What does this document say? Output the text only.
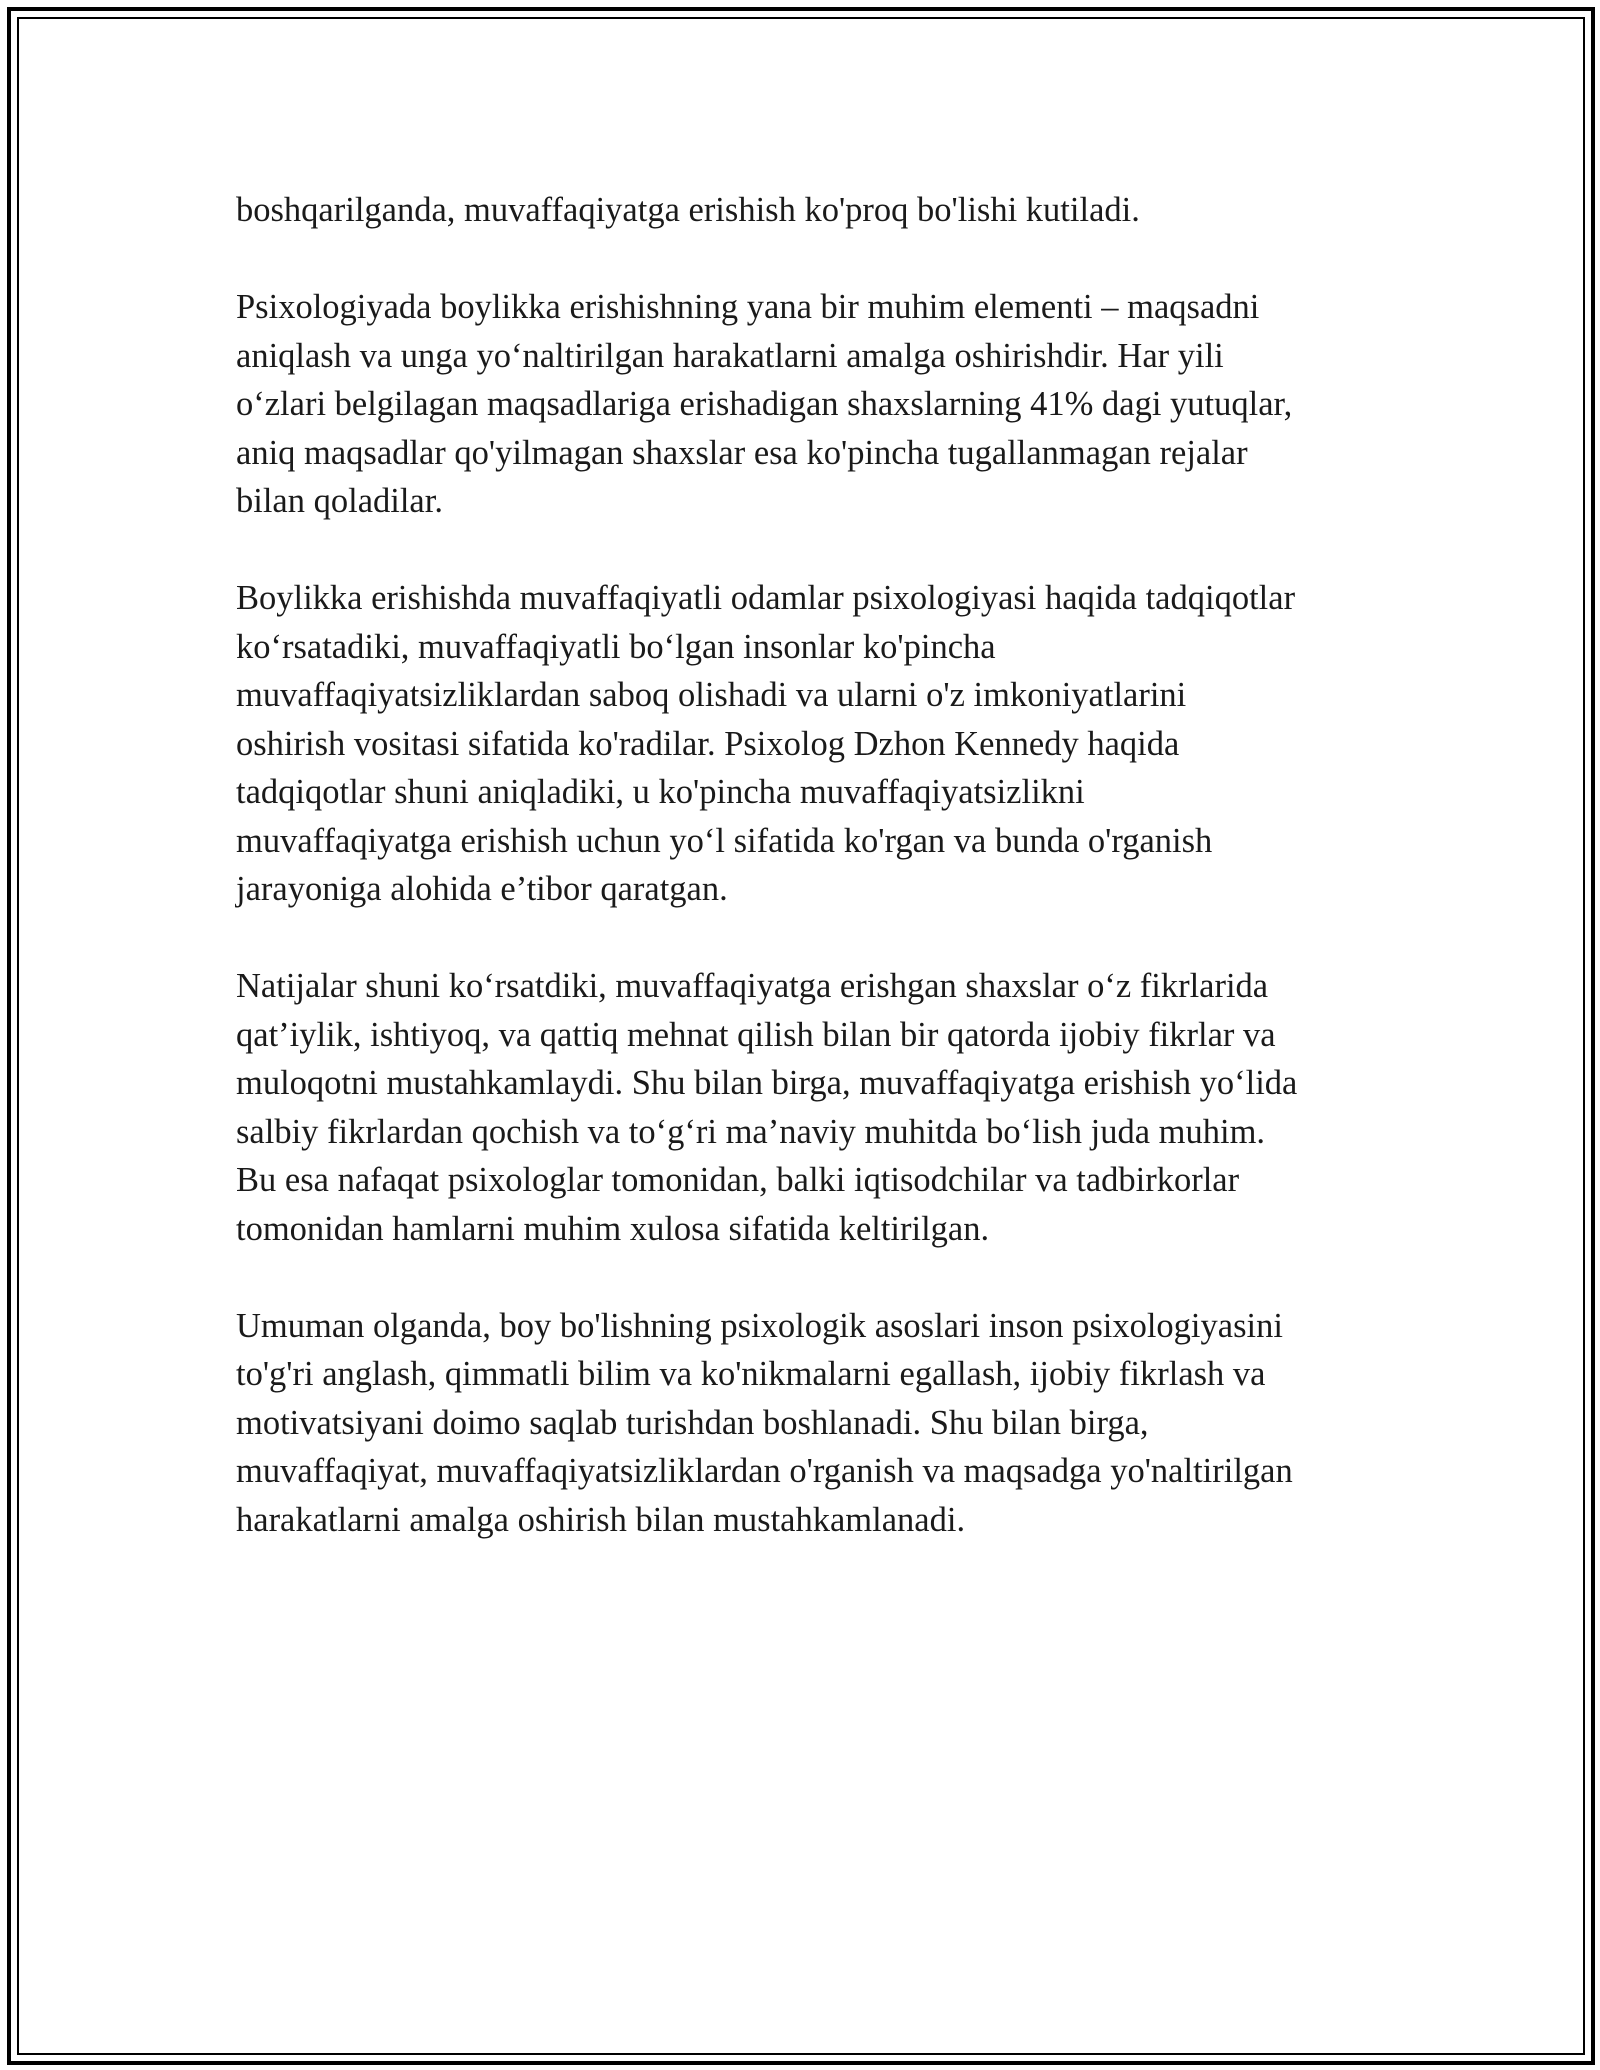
boshqarilganda, muvaffaqiyatga erishish ko'proq bo'lishi kutiladi.
Psixologiyada boylikka erishishning yana bir muhim elementi – maqsadni
aniqlash va unga yo‘naltirilgan harakatlarni amalga oshirishdir. Har yili
o‘zlari belgilagan maqsadlariga erishadigan shaxslarning 41% dagi yutuqlar,
aniq maqsadlar qo'yilmagan shaxslar esa ko'pincha tugallanmagan rejalar
bilan qoladilar.
Boylikka erishishda muvaffaqiyatli odamlar psixologiyasi haqida tadqiqotlar
ko‘rsatadiki, muvaffaqiyatli bo‘lgan insonlar ko'pincha
muvaffaqiyatsizliklardan saboq olishadi va ularni o'z imkoniyatlarini
oshirish vositasi sifatida ko'radilar. Psixolog Dzhon Kennedy haqida
tadqiqotlar shuni aniqladiki, u ko'pincha muvaffaqiyatsizlikni
muvaffaqiyatga erishish uchun yo‘l sifatida ko'rgan va bunda o'rganish
jarayoniga alohida e’tibor qaratgan.
Natijalar shuni ko‘rsatdiki, muvaffaqiyatga erishgan shaxslar o‘z fikrlarida
qat’iylik, ishtiyoq, va qattiq mehnat qilish bilan bir qatorda ijobiy fikrlar va
muloqotni mustahkamlaydi. Shu bilan birga, muvaffaqiyatga erishish yo‘lida
salbiy fikrlardan qochish va to‘g‘ri ma’naviy muhitda bo‘lish juda muhim.
Bu esa nafaqat psixologlar tomonidan, balki iqtisodchilar va tadbirkorlar
tomonidan hamlarni muhim xulosa sifatida keltirilgan.
Umuman olganda, boy bo'lishning psixologik asoslari inson psixologiyasini
to'g'ri anglash, qimmatli bilim va ko'nikmalarni egallash, ijobiy fikrlash va
motivatsiyani doimo saqlab turishdan boshlanadi. Shu bilan birga,
muvaffaqiyat, muvaffaqiyatsizliklardan o'rganish va maqsadga yo'naltirilgan
harakatlarni amalga oshirish bilan mustahkamlanadi.
